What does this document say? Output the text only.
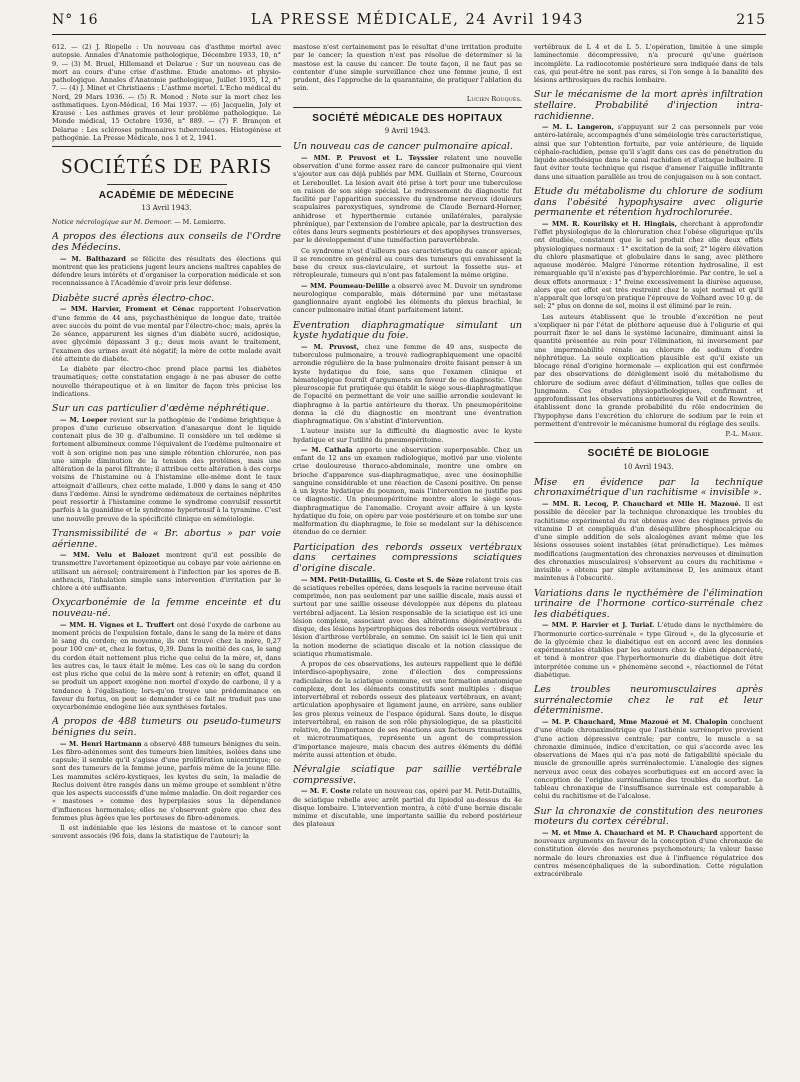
N° 16	LA PRESSE MÉDICALE, 24 Avril 1943	215

612. — (2) J. Riopelle : Un nouveau cas d'asthme mortel avec autopsie. Annales d'Anatomie pathologique, Décembre 1933, 10, n° 9. — (3) M. Bruel, Hillemand et Delarue : Sur un nouveau cas de mort au cours d'une crise d'asthme. Etude anatomo- et physio-pathologique. Annales d'Anatomie pathologique, Juillet 1935, 12, n° 7. — (4) J. Minet et Christiaens : L'asthme mortel. L'Echo médical du Nord, 29 Mars 1936. — (5) R. Monod : Note sur la mort chez les asthmatiques. Lyon-Médical, 16 Mai 1937. — (6) Jacquelin, Joly et Krause : Les asthmes graves et leur problème pathologique. Le Monde médical, 15 Octobre 1936, n° 889. — (7) F. Brançon et Delarue : Les scléroses pulmonaires tuberculeuses. Histogénèse et pathogénie. La Presse Médicale, nos 1 et 2, 1941.

SOCIÉTÉS DE PARIS
ACADÉMIE DE MÉDECINE
13 Avril 1943.

Notice nécrologique sur M. Demoor. — M. Lemierre.

A propos des élections aux conseils de l'Ordre des Médecins.

— M. Balthazard se félicite des résultats des élections qui montrent que les praticiens jugent leurs anciens maîtres capables de défendre leurs intérêts et d'organiser la corporation médicale et son reconnaissance à l'Académie d'avoir pris leur défense.

Diabète sucré après électro-choc.

— MM. Harvier, Froment et Cénac rapportent l'observation d'une femme de 44 ans, psychasthénique de longue date, traitée avec succès du point de vue mental par l'électro-choc; mais, après la 2e séance, apparurent les signes d'un diabète sucré, acidosique, avec glycémie dépassant 3 g.; deux mois avant le traitement, l'examen des urines avait été négatif; la mère de cette malade avait été atteinte de diabète.

Le diabète par électro-choc prend place parmi les diabètes traumatiques; cette constatation engage à ne pas abuser de cette nouvelle thérapeutique et à en limiter de façon très précise les indications.

Sur un cas particulier d'œdème néphrétique.

— M. Loeper revient sur la pathogénie de l'œdème brightique à propos d'une curieuse observation d'anasarque dont le liquide contenait plus de 30 g. d'albumine. Il considère un tel œdème si fortement albumineux comme l'équivalent de l'œdème pulmonaire et voit à son origine non pas une simple rétention chlorurée, non pas une simple diminution de la tension des protéines, mais une altération de la paroi filtrante; il attribue cette altération à des corps voisins de l'histamine ou à l'histamine elle-même dont le taux atteignait d'ailleurs, chez cette malade, 1.000 γ dans le sang et 450 dans l'œdème. Ainsi le syndrome œdémateux de certaines néphrites peut ressortir à l'histamine comme le syndrome convulsif ressortit parfois à la guanidine et le syndrome hypertensif à la tyramine. C'est une nouvelle preuve de la spécificité clinique en séméiologie.

Transmissibilité de « Br. abortus » par voie aérienne.

— MM. Velu et Balozet montrent qu'il est possible de transmettre l'avortement épizootique au cobaye par voie aérienne en utilisant un aérosol; contrairement à l'infection par les spores de B. anthracis, l'inhalation simple sans intervention d'irritation par le chlore a été suffisante.

Oxycarbonémie de la femme enceinte et du nouveau-né.

— MM. H. Vignes et L. Truffert ont dosé l'oxyde de carbone au moment précis de l'expulsion fœtale, dans le sang de la mère et dans le sang du cordon; en moyenne, ils ont trouvé chez la mère, 0,27 pour 100 cm³ et, chez le fœtus, 0,39. Dans la moitié des cas, le sang du cordon était nettement plus riche que celui de la mère, et, dans les autres cas, le taux était le même. Les cas où le sang du cordon est plus riche que celui de la mère sont à retenir; en effet, quand il se produit un apport exogène non mortel d'oxyde de carbone, il y a tendance à l'égalisation; lors-qu'on trouve une prédominance en faveur du fœtus, on peut se demander si ce fait ne traduit pas une oxycarbonémie endogène liée aux synthèses fœtales.

A propos de 488 tumeurs ou pseudo-tumeurs bénignes du sein.

— M. Henri Hartmann a observé 488 tumeurs bénignes du sein. Les fibro-adénomes sont des tumeurs bien limitées, isolées dans une capsule; il semble qu'il s'agisse d'une prolifération unicentrique; ce sont des tumeurs de la femme jeune, parfois même de la jeune fille. Les mammites scléro-kystiques, les kystes du sein, la maladie de Reclus doivent être rangés dans un même groupe et semblent n'être que les aspects successifs d'une même maladie. On doit regarder ces « mastoses » comme des hyperplasies sous la dépendance d'influences hormonales; elles ne s'observent guère que chez des femmes plus âgées que les porteuses de fibro-adénomes.

Il est indéniable que les lésions de mastose et le cancer sont souvent associés (96 fois, dans la statistique de l'auteur); la

mastose n'est certainement pas le résultat d'une irritation produite par le cancer; la question n'est pas résolue de déterminer si la mastose est la cause du cancer. De toute façon, il ne faut pas se contenter d'une simple surveillance chez une femme jeune, il est prudent, dès l'approche de la quarantaine, de pratiquer l'ablation du sein.

Lucien Rouquès.
SOCIÉTÉ MÉDICALE DES HOPITAUX
9 Avril 1943.
Un nouveau cas de cancer pulmonaire apical.

— MM. P. Pruvost et L. Teyssier relatent une nouvelle observation d'une forme assez rare de cancer pulmonaire qui vient s'ajouter aux cas déjà publiés par MM. Guillain et Sterne, Courcoux et Lereboullet. La lésion avait été prise à tort pour une tuberculose en raison de son siège spécial. Le redressement du diagnostic fut facilité par l'apparition successive du syndrome nerveux (douleurs scapulaires paroxystiques, syndrome de Claude Bernard-Horner, anhidrose et hyperthermie cutanée unilatérales, paralysie phrénique), par l'extension de l'ombre apicale, par la destruction des côtes dans leurs segments postérieurs et des apophyses transverses, par le développement d'une tuméfaction paravertébrale.

Ce syndrome n'est d'ailleurs pas caractéristique du cancer apical; il se rencontre en général au cours des tumeurs qui envahissent la base du creux sus-claviculaire, et surtout la fossette sus- et rétropleurale, tumeurs qui n'ont pas fatalement la même origine.

— MM. Poumeau-Delille a observé avec M. Duvoir un syndrome neurologique comparable, mais déterminé par une métastase ganglionnaire ayant englobé les éléments du plexus brachial, le cancer pulmonaire initial étant parfaitement latent.

Eventration diaphragmatique simulant un kyste hydatique du foie.

— M. Pruvost, chez une femme de 49 ans, suspecte de tuberculose pulmonaire, a trouvé radiographiquement une opacité arrondie régulière de la base pulmonaire droite faisant penser à un kyste hydatique du foie, sans que l'examen clinique et hématologique fournît d'arguments en faveur de ce diagnostic. Une pleuroscopie fut pratiquée qui établit le siège sous-diaphragmatique de l'opacité en permettant de voir une saillie arrondie soulevant le diaphragme à la partie antérieure du thorax. Un pneumopéritoine donna la clé du diagnostic en montrant une éventration diaphragmatique. On s'abstint d'intervention.

L'auteur insiste sur la difficulté du diagnostic avec le kyste hydatique et sur l'utilité du pneumopéritoine.

— M. Cathala apporte une observation superposable. Chez un enfant de 12 ans un examen radiologique, motivé par une violente crise douloureuse thoraco-abdominale, montre une ombre en brioche d'apparence sus-diaphragmatique, avec une éosinophilie sanguine considérable et une réaction de Casoni positive. On pense à un kyste hydatique du poumon, mais l'intervention ne justifie pas ce diagnostic. Un pneumopéritoine montre alors le siège sous-diaphragmatique de l'anomalie. Croyant avoir affaire à un kyste hydatique du foie, on opère par voie postérieure et on tombe sur une malformation du diaphragme, le foie se modelant sur la déhiscence étendue de ce dernier.

Participation des rebords osseux vertébraux dans certaines compressions sciatiques d'origine discale.

— MM. Petit-Dutaillis, G. Coste et S. de Sèze relatent trois cas de sciatiques rebelles opérées, dans lesquels la racine nerveuse était comprimée, non pas seulement par une saillie discale, mais aussi et surtout par une saillie osseuse développée aux dépens du plateau vertébral adjacent. La lésion responsable de la sciatique est ici une lésion complexe, associant avec des altérations dégénératives du disque, des lésions hypertrophiques des rebords osseux vertébraux : lésion d'arthrose vertébrale, en somme. On saisit ici le lien qui unit la notion moderne de sciatique discale et la notion classique de sciatique rhumatismale.

A propos de ces observations, les auteurs rappellent que le défilé interdisco-apophysaire, zone d'élection des compressions radiculaires de la sciatique commune, est une formation anatomique complexe, dont les éléments constitutifs sont multiples : disque intervertébral et rebords osseux des plateaux vertébraux, en avant; articulation apophysaire et ligament jaune, en arrière, sans oublier les gros plexus veineux de l'espace épidural. Sans doute, le disque intervertébral, en raison de son rôle physiologique, de sa plasticité relative, de l'importance de ses réactions aux facteurs traumatiques et microtraumatiques, représente un agent de compression d'importance majeure, mais chacun des autres éléments du défilé mérite aussi attention et étude.

Névralgie sciatique par saillie vertébrale compressive.

— M. F. Coste relate un nouveau cas, opéré par M. Petit-Dutaillis, de sciatique rebelle avec arrêt partiel du lipiodol au-dessus du 4e disque lombaire. L'intervention montra, à côté d'une hernie discale minime et discutable, une importante saillie du rebord postérieur des plateaux

vertébraux de L 4 et de L 5. L'opération, limitée à une simple laminectomie décompressive, n'a procuré qu'une guérison incomplète. La radiocotomie postérieure sera indiquée dans de tels cas, qui peut-être ne sont pas rares, si l'on songe à la banalité des lésions arthrosiques du rachis lombaire.

Sur le mécanisme de la mort après infiltration stellaire. Probabilité d'injection intra-rachidienne.

— M. L. Langeron, s'appuyant sur 2 cas personnels par voie antéro-latérale, accompagnés d'une séméiologie très caractéristique, ainsi que sur l'obtention fortuite, par voie antérieure, de liquide céphalo-rachidien, pense qu'il s'agit dans ces cas de pénétration du liquide anesthésique dans le canal rachidien et d'attaque bulbaire. Il faut éviter toute technique qui risque d'amener l'aiguille infiltrante dans une situation parallèle au trou de conjugaison ou à son contact.

Etude du métabolisme du chlorure de sodium dans l'obésité hypophysaire avec oligurie permanente et rétention hydrochlorurée.

— MM. R. Kourilsky et H. Hinglais, cherchant à approfondir l'effet physiologique de la chloruration chez l'obèse oligurique qu'ils ont étudiée, constatent que le sel produit chez elle deux effets physiologiques normaux : 1° excitation de la soif; 2° légère élévation du chlore plasmatique et globulaire dans le sang, avec pléthore aqueuse modérée. Malgré l'énorme rétention hydrosaline, il est remarquable qu'il n'existe pas d'hyperchlorémie. Par contre, le sel a deux effets anormaux : 1° freine excessivement la diurèse aqueuse, alors que cet effet est très restreint chez le sujet normal et qu'il n'apparaît que lorsqu'on pratique l'épreuve de Volhard avec 10 g. de sel; 2° plus on donne de sel, moins il est éliminé par le rein.

Les auteurs établissent que le trouble d'excrétion ne peut s'expliquer ni par l'état de pléthore aqueuse due à l'oligurie et qui pourrait fixer le sel dans le système lacunaire, diminuant ainsi la quantité présentée au rein pour l'élimination, ni inversement par une imperméabilité rénale au chlorure de sodium d'ordre néphrétique. La seule explication plausible est qu'il existe un blocage rénal d'origine hormonale — explication qui est confirmée par des observations de dérèglement isolé du métabolisme du chlorure de sodium avec défaut d'élimination, telles que celles de Jungmann. Ces études physiopathologiques, confirmant et approfondissant les observations antérieures de Veil et de Rowntree, établissent donc la grande probabilité du rôle endocrinien de l'hypophyse dans l'excrétion du chlorure de sodium par le rein et permettent d'entrevoir le mécanisme humoral du réglage des seuils.

P.-L. Marie.
SOCIÉTÉ DE BIOLOGIE
10 Avril 1943.
Mise en évidence par la technique chronaximétrique d'un rachitisme « invisible ».

— MM. R. Lecoq, P. Chauchard et Mlle H. Mazoué. Il est possible de déceler par la technique chronaxique les troubles du rachitisme expérimental du rat obtenus avec des régimes privés de vitamine D et compliqués d'un déséquilibre phosphocalcique ou d'une simple addition de sels alcalogènes avant même que les lésions osseuses soient instables (état préradictique). Les mêmes modifications (augmentation des chronaxies nerveuses et diminution des chronaxies musculaires) s'observent au cours du rachitisme « invisible » obtenu par simple avitaminose D, les animaux étant maintenus à l'obscurité.

Variations dans le nycthémère de l'élimination urinaire de l'hormone cortico-surrénale chez les diabétiques.

— MM. P. Harvier et J. Turiaf. L'étude dans le nycthémère de l'hormonurie cortico-surrénale « type Giroud », de la glycosurie et de la glycémie chez le diabétique est en accord avec les données expérimentales établies par les auteurs chez le chien dépancréaté, et tend à montrer que l'hyperhormonurie du diabétique doit être interprétée comme un « phénomène second », réactionnel de l'état diabétique.

Les troubles neuromusculaires après surrénalectomie chez le rat et leur déterminisme.

— M. P. Chauchard, Mme Mazoué et M. Chalopin concluent d'une étude chronaximétrique que l'asthénie surrénoprive provient d'une action dépressive centrale; par contre, le muscle a sa chronaxie diminuée, indice d'excitation, ce qui s'accorde avec les observations de Maes qui n'a pas noté de fatigabilité spéciale du muscle de grenouille après surrénalectomie. L'analogie des signes nerveux avec ceux des cobayes scorbutiques est en accord avec la conception de l'origine surrénalienne des troubles du scorbut. Le tableau chronaxique de l'insuffisance surrénale est comparable à celui du rachitisme et de l'alcalose.

Sur la chronaxie de constitution des neurones moteurs du cortex cérébral.

— M. et Mme A. Chauchard et M. P. Chauchard apportent de nouveaux arguments en faveur de la conception d'une chronaxie de constitution élevée des neurones psychomoteurs; la valeur basse normale de leurs chronaxies est due à l'influence régulatrice des centres mésencéphaliques de la subordination. Cette régulation extracérébrale
